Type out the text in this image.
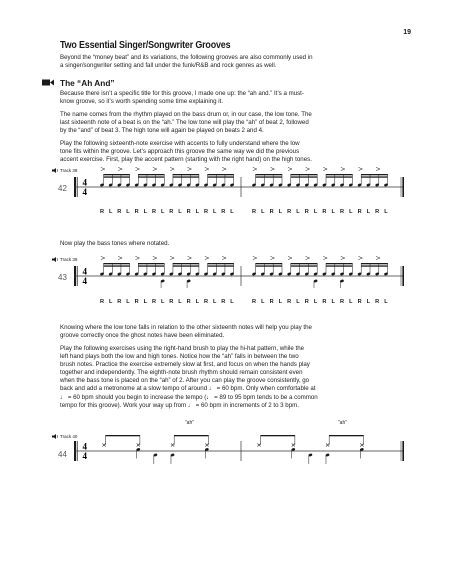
19
Two Essential Singer/Songwriter Grooves
Beyond the “money beat” and its variations, the following grooves are also commonly used in
a singer/songwriter setting and fall under the funk/R&B and rock genres as well.
The “Ah And”
Because there isn’t a specific title for this groove, I made one up: the “ah and.” It’s a must-
know groove, so it’s worth spending some time explaining it.
The name comes from the rhythm played on the bass drum or, in our case, the low tone. The
last sixteenth note of a beat is on the “ah.” The low tone will play the “ah” of beat 2, followed
by the “and” of beat 3. The high tone will again be played on beats 2 and 4.
Play the following sixteenth-note exercise with accents to fully understand where the low
tone fits within the groove. Let’s approach this groove the same way we did the previous
accent exercise. First, play the accent pattern (starting with the right hand) on the high tones.
Track 38
42
4
4
R L R L R L R L R L R L R L R L	R L R L R L R L R L R L R L R L
Now play the bass tones where notated.
Track 39
43
4
4
R L R L R L R L R L R L R L R L	R L R L R L R L R L R L R L R L
Knowing where the low tone falls in relation to the other sixteenth notes will help you play the
groove correctly once the ghost notes have been eliminated.
Play the following exercises using the right-hand brush to play the hi-hat pattern, while the
left hand plays both the low and high tones. Notice how the “ah” falls in between the two
brush notes. Practice the exercise extremely slow at first, and focus on when the hands play
together and independently. The eighth-note brush rhythm should remain consistent even
when the bass tone is placed on the “ah” of 2. After you can play the groove consistently, go
back and add a metronome at a slow tempo of around ♩ = 60 bpm. Only when comfortable at
♩ = 60 bpm should you begin to increase the tempo (♩ = 89 to 95 bpm tends to be a common
tempo for this groove). Work your way up from ♩ = 60 bpm in increments of 2 to 3 bpm.
Track 40
44
4
4
“ah”	“ah”
